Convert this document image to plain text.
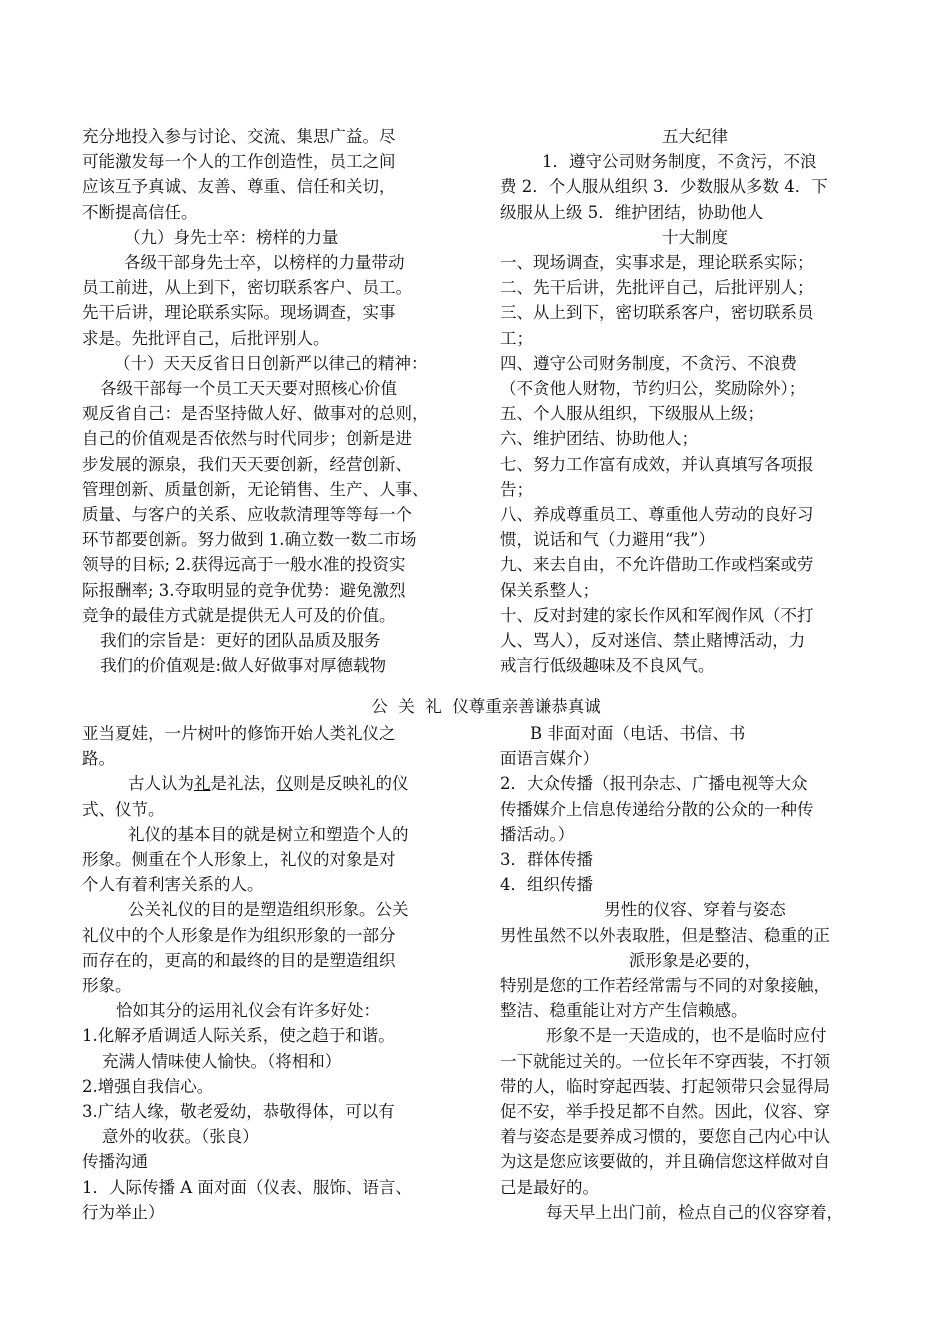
充分地投入参与讨论、交流、集思广益。尽

可能激发每一个人的工作创造性，员工之间

应该互予真诚、友善、尊重、信任和关切，

不断提高信任。

（九）身先士卒：榜样的力量

各级干部身先士卒，以榜样的力量带动

员工前进，从上到下，密切联系客户、员工。

先干后讲，理论联系实际。现场调查，实事

求是。先批评自己，后批评别人。

（十）天天反省日日创新严以律己的精神：

各级干部每一个员工天天要对照核心价值

观反省自己：是否坚持做人好、做事对的总则，

自己的价值观是否依然与时代同步；创新是进

步发展的源泉，我们天天要创新，经营创新、

管理创新、质量创新，无论销售、生产、人事、

质量、与客户的关系、应收款清理等等每一个

环节都要创新。努力做到 1.确立数一数二市场

领导的目标; 2.获得远高于一般水准的投资实

际报酬率; 3.夺取明显的竞争优势：避免激烈

竞争的最佳方式就是提供无人可及的价值。

我们的宗旨是：更好的团队品质及服务

我们的价值观是:做人好做事对厚德载物

五大纪律

1．遵守公司财务制度，不贪污，不浪

费 2．个人服从组织 3．少数服从多数 4．下

级服从上级 5．维护团结，协助他人

十大制度

一、现场调查，实事求是，理论联系实际；

二、先干后讲，先批评自己，后批评别人；

三、从上到下，密切联系客户，密切联系员

工；

四、遵守公司财务制度，不贪污、不浪费

（不贪他人财物，节约归公，奖励除外）；

五、个人服从组织，下级服从上级；

六、维护团结、协助他人；

七、努力工作富有成效，并认真填写各项报

告；

八、养成尊重员工、尊重他人劳动的良好习

惯，说话和气（力避用“我”）

九、来去自由，不允许借助工作或档案或劳

保关系整人；

十、反对封建的家长作风和军阀作风（不打

人、骂人），反对迷信、禁止赌博活动，力

戒言行低级趣味及不良风气。

公  关  礼  仪尊重亲善谦恭真诚

亚当夏娃，一片树叶的修饰开始人类礼仪之

路。

古人认为礼是礼法，仪则是反映礼的仪

式、仪节。

礼仪的基本目的就是树立和塑造个人的

形象。侧重在个人形象上，礼仪的对象是对

个人有着利害关系的人。

公关礼仪的目的是塑造组织形象。公关

礼仪中的个人形象是作为组织形象的一部分

而存在的，更高的和最终的目的是塑造组织

形象。

恰如其分的运用礼仪会有许多好处：

1.化解矛盾调适人际关系，使之趋于和谐。

充满人情味使人愉快。（将相和）

2.增强自我信心。

3.广结人缘，敬老爱幼，恭敬得体，可以有

意外的收获。（张良）

传播沟通

1．人际传播 A 面对面（仪表、服饰、语言、

行为举止）

B 非面对面（电话、书信、书

面语言媒介）

2．大众传播（报刊杂志、广播电视等大众

传播媒介上信息传递给分散的公众的一种传

播活动。）

3．群体传播

4．组织传播

男性的仪容、穿着与姿态

男性虽然不以外表取胜，但是整洁、稳重的正

派形象是必要的，

特别是您的工作若经常需与不同的对象接触，

整洁、稳重能让对方产生信赖感。

形象不是一天造成的，也不是临时应付

一下就能过关的。一位长年不穿西装，不打领

带的人，临时穿起西装、打起领带只会显得局

促不安，举手投足都不自然。因此，仪容、穿

着与姿态是要养成习惯的，要您自己内心中认

为这是您应该要做的，并且确信您这样做对自

己是最好的。

每天早上出门前，检点自己的仪容穿着，
